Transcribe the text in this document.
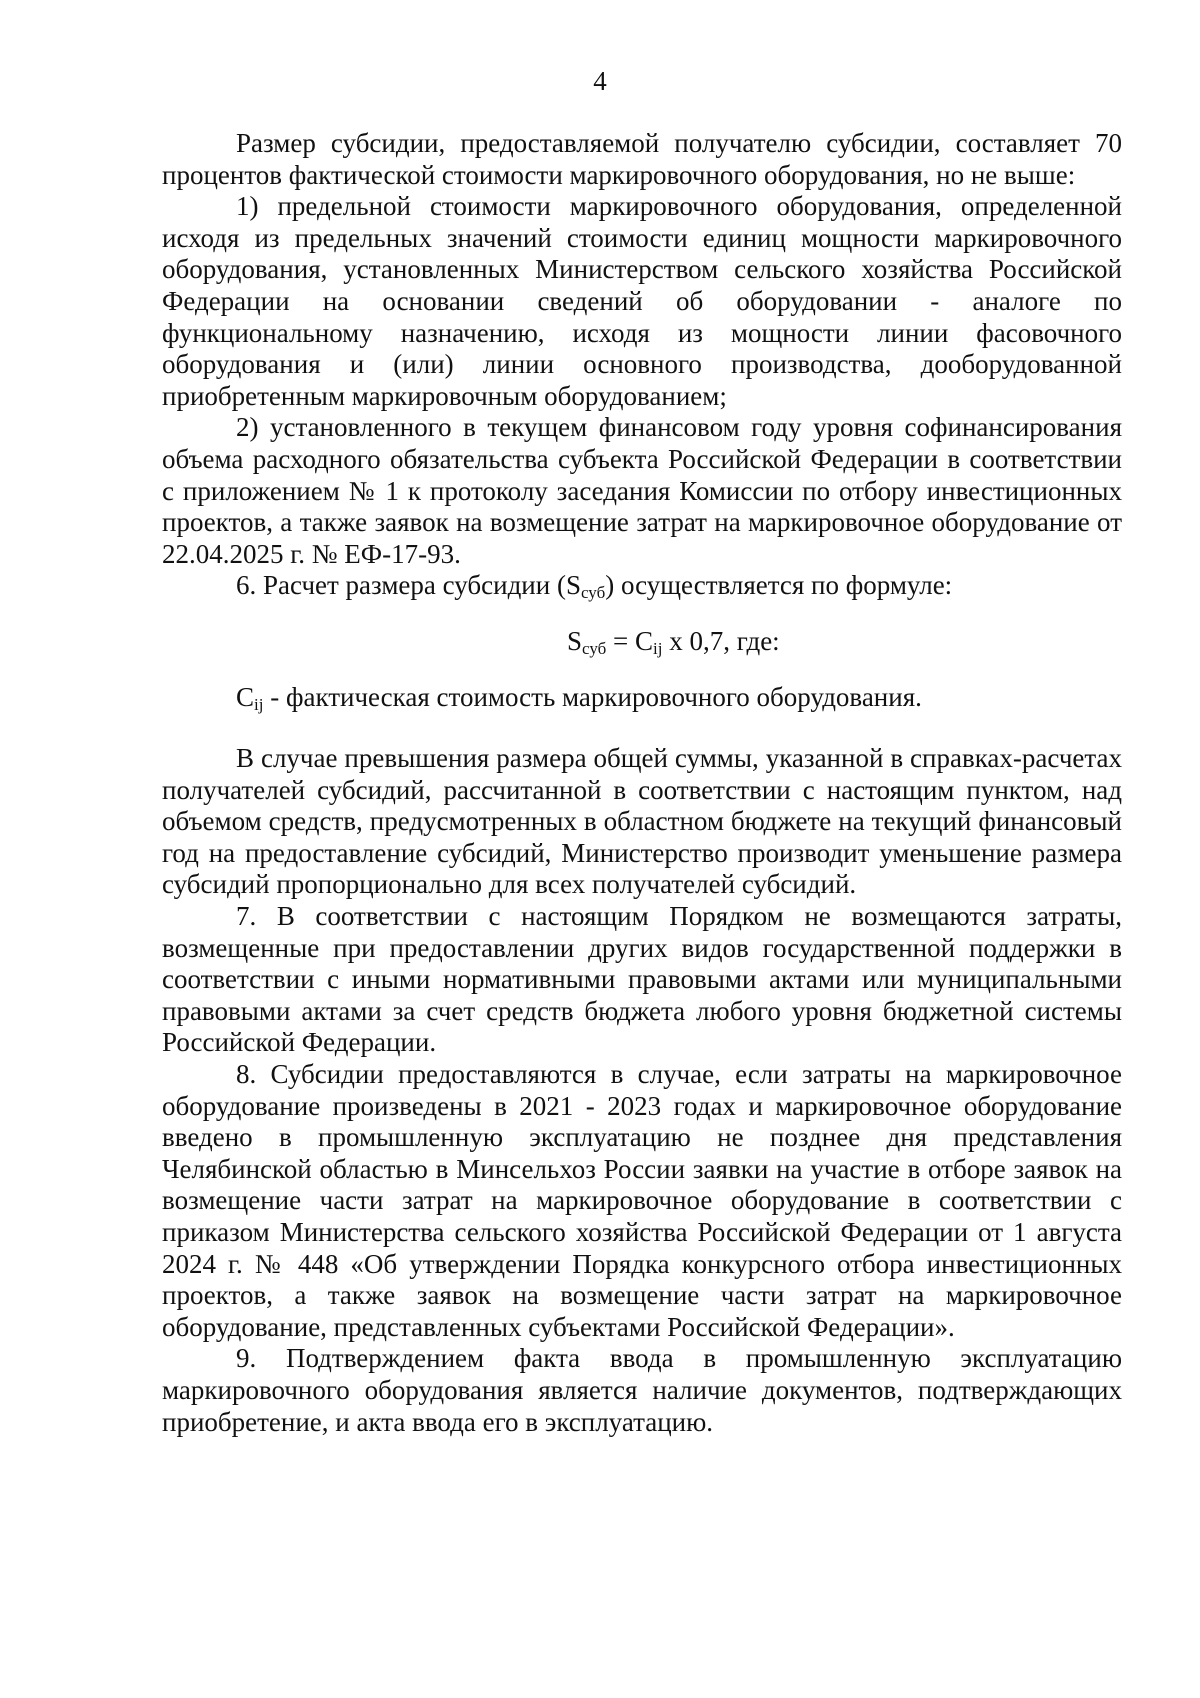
4

Размер субсидии, предоставляемой получателю субсидии, составляет 70 процентов фактической стоимости маркировочного оборудования, но не выше:

1) предельной стоимости маркировочного оборудования, определенной исходя из предельных значений стоимости единиц мощности маркировочного оборудования, установленных Министерством сельского хозяйства Российской Федерации на основании сведений об оборудовании - аналоге по функциональному назначению, исходя из мощности линии фасовочного оборудования и (или) линии основного производства, дооборудованной приобретенным маркировочным оборудованием;

2) установленного в текущем финансовом году уровня софинансирования объема расходного обязательства субъекта Российской Федерации в соответствии с приложением № 1 к протоколу заседания Комиссии по отбору инвестиционных проектов, а также заявок на возмещение затрат на маркировочное оборудование от 22.04.2025 г. № ЕФ-17-93.

6. Расчет размера субсидии $(S_{суб})$ осуществляется по формуле:

$S_{суб} = C_{ij}$ x 0,7, где:

$C_{ij}$ - фактическая стоимость маркировочного оборудования.

В случае превышения размера общей суммы, указанной в справках-расчетах получателей субсидий, рассчитанной в соответствии с настоящим пунктом, над объемом средств, предусмотренных в областном бюджете на текущий финансовый год на предоставление субсидий, Министерство производит уменьшение размера субсидий пропорционально для всех получателей субсидий.

7. В соответствии с настоящим Порядком не возмещаются затраты, возмещенные при предоставлении других видов государственной поддержки в соответствии с иными нормативными правовыми актами или муниципальными правовыми актами за счет средств бюджета любого уровня бюджетной системы Российской Федерации.

8. Субсидии предоставляются в случае, если затраты на маркировочное оборудование произведены в 2021 - 2023 годах и маркировочное оборудование введено в промышленную эксплуатацию не позднее дня представления Челябинской областью в Минсельхоз России заявки на участие в отборе заявок на возмещение части затрат на маркировочное оборудование в соответствии с приказом Министерства сельского хозяйства Российской Федерации от 1 августа 2024 г. № 448 «Об утверждении Порядка конкурсного отбора инвестиционных проектов, а также заявок на возмещение части затрат на маркировочное оборудование, представленных субъектами Российской Федерации».

9. Подтверждением факта ввода в промышленную эксплуатацию маркировочного оборудования является наличие документов, подтверждающих приобретение, и акта ввода его в эксплуатацию.
